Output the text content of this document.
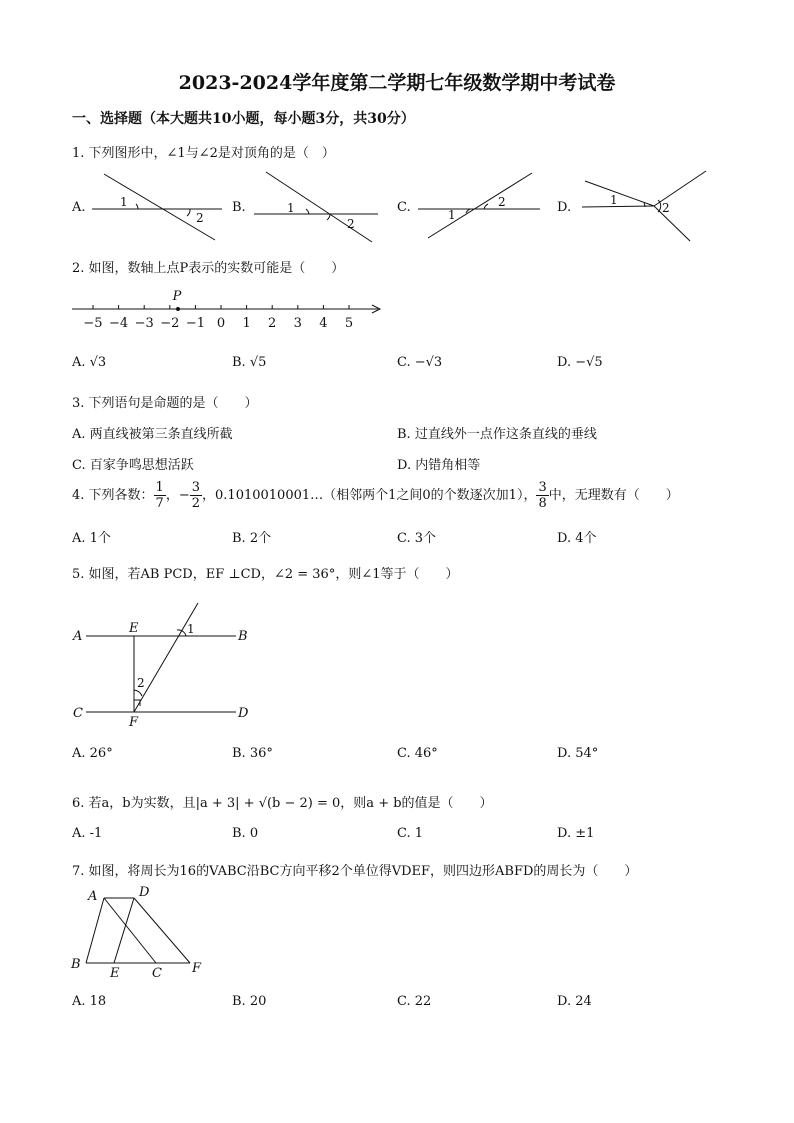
2023-2024学年度第二学期七年级数学期中考试卷
一、选择题（本大题共10小题，每小题3分，共30分）
1. 下列图形中，∠1与∠2是对顶角的是（　）
A.	B.	C.	D.
1
2
1
2
1
2	1
2
2. 如图，数轴上点P表示的实数可能是（　　）
−5 −4 −3 −2 −1 0 1 2 3 4 5
P
A. √3	B. √5	C. −√3	D. −√5
3. 下列语句是命题的是（　　）
A. 两直线被第三条直线所截	B. 过直线外一点作这条直线的垂线
C. 百家争鸣思想活跃	D. 内错角相等
4. 下列各数： $\frac{1}{7}$ ，− $\frac{3}{2}$ ，0.1010010001…（相邻两个1之间0的个数逐次加1）， $\frac{3}{8}$ 中，无理数有（　　）
A. 1个	B. 2个	C. 3个	D. 4个
5. 如图，若AB PCD，EF ⊥CD，∠2 = 36°，则∠1等于（　　）
A	B
C	D
E
F
1
2
A. 26°	B. 36°	C. 46°	D. 54°
6. 若a，b为实数，且|a + 3| + √(b − 2) = 0，则a + b的值是（　　）
A. -1	B. 0	C. 1	D. ±1
7. 如图，将周长为16的VABC沿BC方向平移2个单位得VDEF，则四边形ABFD的周长为（　　）
A	D
B
E	C F
A. 18	B. 20	C. 22	D. 24
